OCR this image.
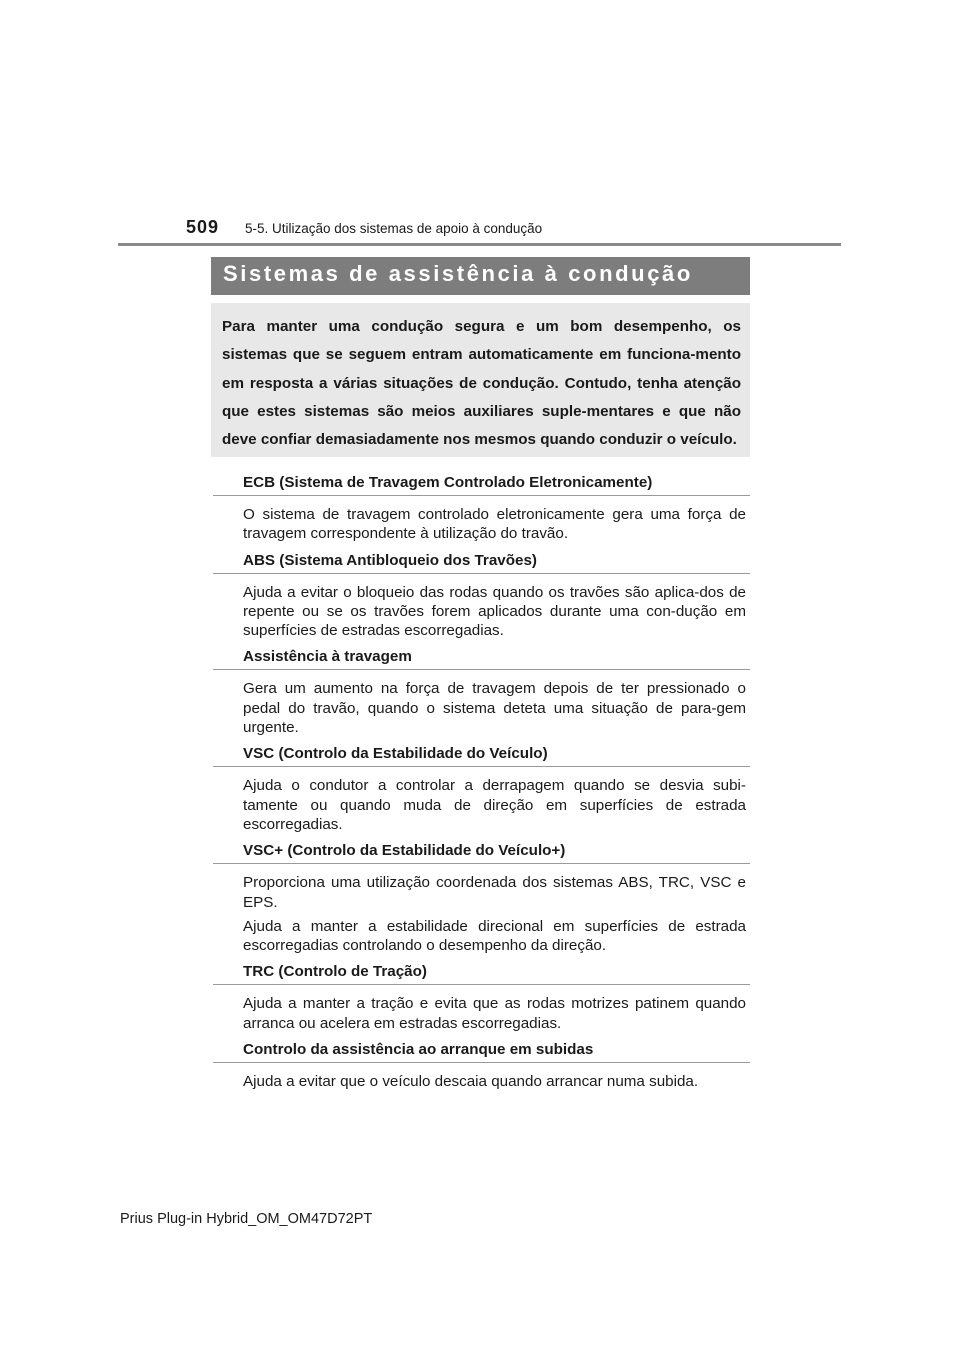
509 5-5. Utilização dos sistemas de apoio à condução
Sistemas de assistência à condução

Para manter uma condução segura e um bom desempenho, os sistemas que se seguem entram automaticamente em funciona-mento em resposta a várias situações de condução. Contudo, tenha atenção que estes sistemas são meios auxiliares suple-mentares e que não deve confiar demasiadamente nos mesmos quando conduzir o veículo.

ECB (Sistema de Travagem Controlado Eletronicamente)

O sistema de travagem controlado eletronicamente gera uma força de travagem correspondente à utilização do travão.

ABS (Sistema Antibloqueio dos Travões)

Ajuda a evitar o bloqueio das rodas quando os travões são aplica-dos de repente ou se os travões forem aplicados durante uma con-dução em superfícies de estradas escorregadias.

Assistência à travagem

Gera um aumento na força de travagem depois de ter pressionado o pedal do travão, quando o sistema deteta uma situação de para-gem urgente.

VSC (Controlo da Estabilidade do Veículo)

Ajuda o condutor a controlar a derrapagem quando se desvia subi-tamente ou quando muda de direção em superfícies de estrada escorregadias.

VSC+ (Controlo da Estabilidade do Veículo+)

Proporciona uma utilização coordenada dos sistemas ABS, TRC, VSC e EPS.

Ajuda a manter a estabilidade direcional em superfícies de estrada escorregadias controlando o desempenho da direção.

TRC (Controlo de Tração)

Ajuda a manter a tração e evita que as rodas motrizes patinem quando arranca ou acelera em estradas escorregadias.

Controlo da assistência ao arranque em subidas

Ajuda a evitar que o veículo descaia quando arrancar numa subida.

Prius Plug-in Hybrid_OM_OM47D72PT
